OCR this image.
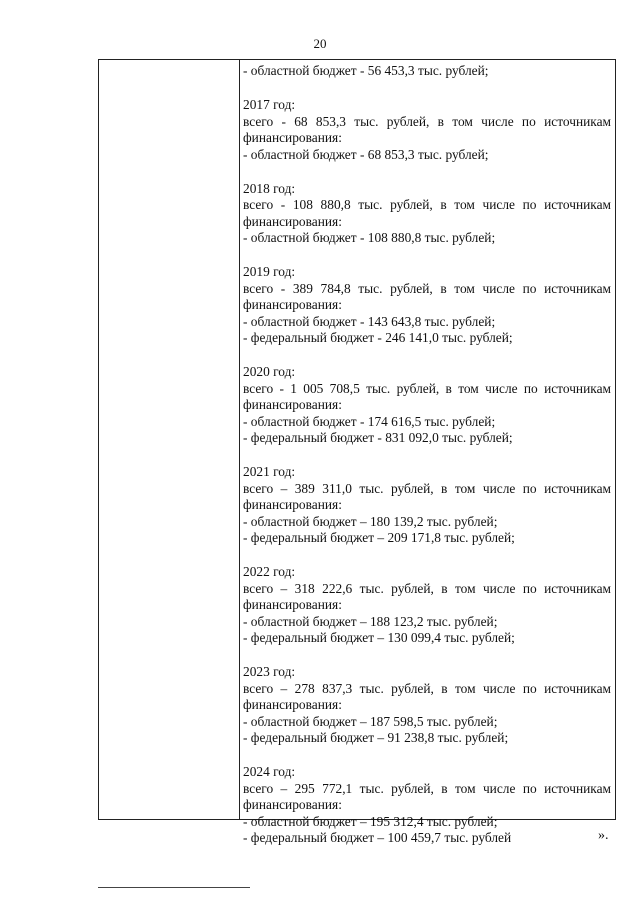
20
- областной бюджет - 56 453,3 тыс. рублей;
2017 год:
всего - 68 853,3 тыс. рублей, в том числе по источникам
финансирования:
- областной бюджет - 68 853,3 тыс. рублей;
2018 год:
всего - 108 880,8 тыс. рублей, в том числе по источникам
финансирования:
- областной бюджет - 108 880,8 тыс. рублей;
2019 год:
всего - 389 784,8 тыс. рублей, в том числе по источникам
финансирования:
- областной бюджет - 143 643,8 тыс. рублей;
- федеральный бюджет - 246 141,0 тыс. рублей;
2020 год:
всего - 1 005 708,5 тыс. рублей, в том числе по источникам
финансирования:
- областной бюджет - 174 616,5 тыс. рублей;
- федеральный бюджет - 831 092,0 тыс. рублей;
2021 год:
всего – 389 311,0 тыс. рублей, в том числе по источникам
финансирования:
- областной бюджет – 180 139,2 тыс. рублей;
- федеральный бюджет – 209 171,8 тыс. рублей;
2022 год:
всего – 318 222,6 тыс. рублей, в том числе по источникам
финансирования:
- областной бюджет – 188 123,2 тыс. рублей;
- федеральный бюджет – 130 099,4 тыс. рублей;
2023 год:
всего – 278 837,3 тыс. рублей, в том числе по источникам
финансирования:
- областной бюджет – 187 598,5 тыс. рублей;
- федеральный бюджет – 91 238,8 тыс. рублей;
2024 год:
всего – 295 772,1 тыс. рублей, в том числе по источникам
финансирования:
- областной бюджет – 195 312,4 тыс. рублей;
- федеральный бюджет – 100 459,7 тыс. рублей	».
